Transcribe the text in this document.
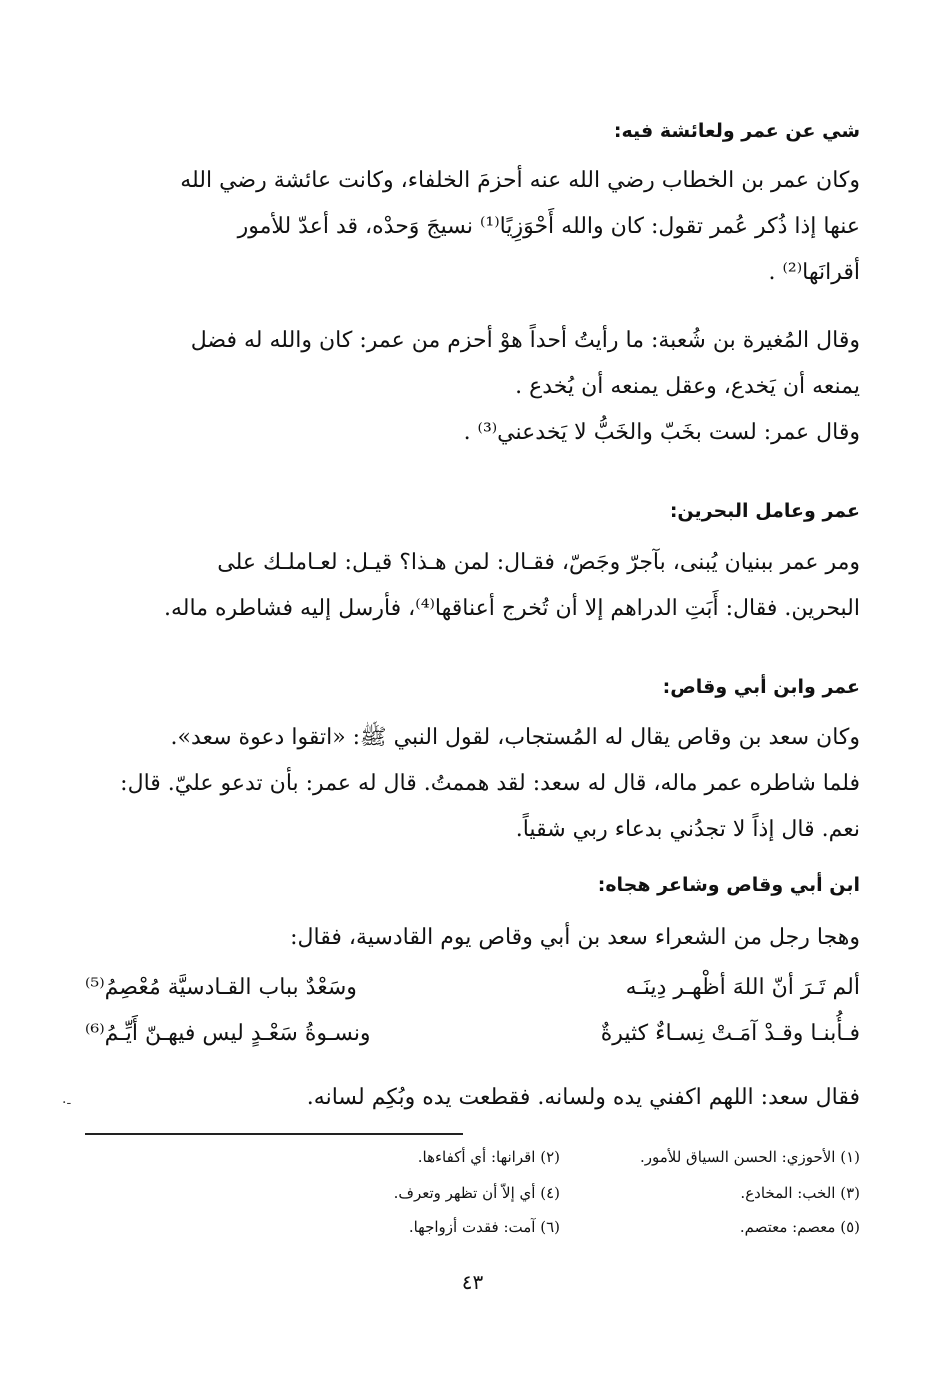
شي عن عمر ولعائشة فيه:
وكان عمر بن الخطاب رضي الله عنه أحزمَ الخلفاء، وكانت عائشة رضي الله
عنها إذا ذُكر عُمر تقول: كان والله أَحْوَزِيًا⁽¹⁾ نسيجَ وَحدْه، قد أعدّ للأمور
أقرانَها⁽²⁾ .
وقال المُغيرة بن شُعبة: ما رأيتُ أحداً هوْ أحزم من عمر: كان والله له فضل
يمنعه أن يَخدع، وعقل يمنعه أن يُخدع .
وقال عمر: لست بخَبّ والخَبُّ لا يَخدعني⁽³⁾ .
عمر وعامل البحرين:
ومر عمر ببنيان يُبنى، بآجرّ وجَصّ، فقـال: لمن هـذا؟ قيـل: لعـاملـك على
البحرين. فقال: أَبَتِ الدراهم إلا أن تُخرج أعناقها⁽⁴⁾، فأرسل إليه فشاطره ماله.
عمر وابن أبي وقاص:
وكان سعد بن وقاص يقال له المُستجاب، لقول النبي ﷺ: «اتقوا دعوة سعد».
فلما شاطره عمر ماله، قال له سعد: لقد هممتُ. قال له عمر: بأن تدعو عليّ. قال:
نعم. قال إذاً لا تجدُني بدعاء ربي شقياً.
ابن أبي وقاص وشاعر هجاه:
وهجا رجل من الشعراء سعد بن أبي وقاص يوم القادسية، فقال:
ألم تَـرَ أنّ اللهَ أظْهـر دِينَـه
وسَعْدٌ بباب القـادسيَّة مُعْصِمُ⁽⁵⁾
فـأُبنـا وقـدْ آمَـتْ نِسـاءٌ كثيرةٌ
ونسـوةُ سَعْـدٍ ليس فيهـنّ أَيِّـمُ⁽⁶⁾
فقال سعد: اللهم اكفني يده ولسانه. فقطعت يده وبُكِم لسانه.
-·
(١) الأحوزي: الحسن السياق للأمور.
(٢) اقرانها: أي أكفاءها.
(٣) الخب: المخادع.
(٤) أي إلاّ أن تظهر وتعرف.
(٥) معصم: معتصم.
(٦) آمت: فقدت أزواجها.
٤٣
